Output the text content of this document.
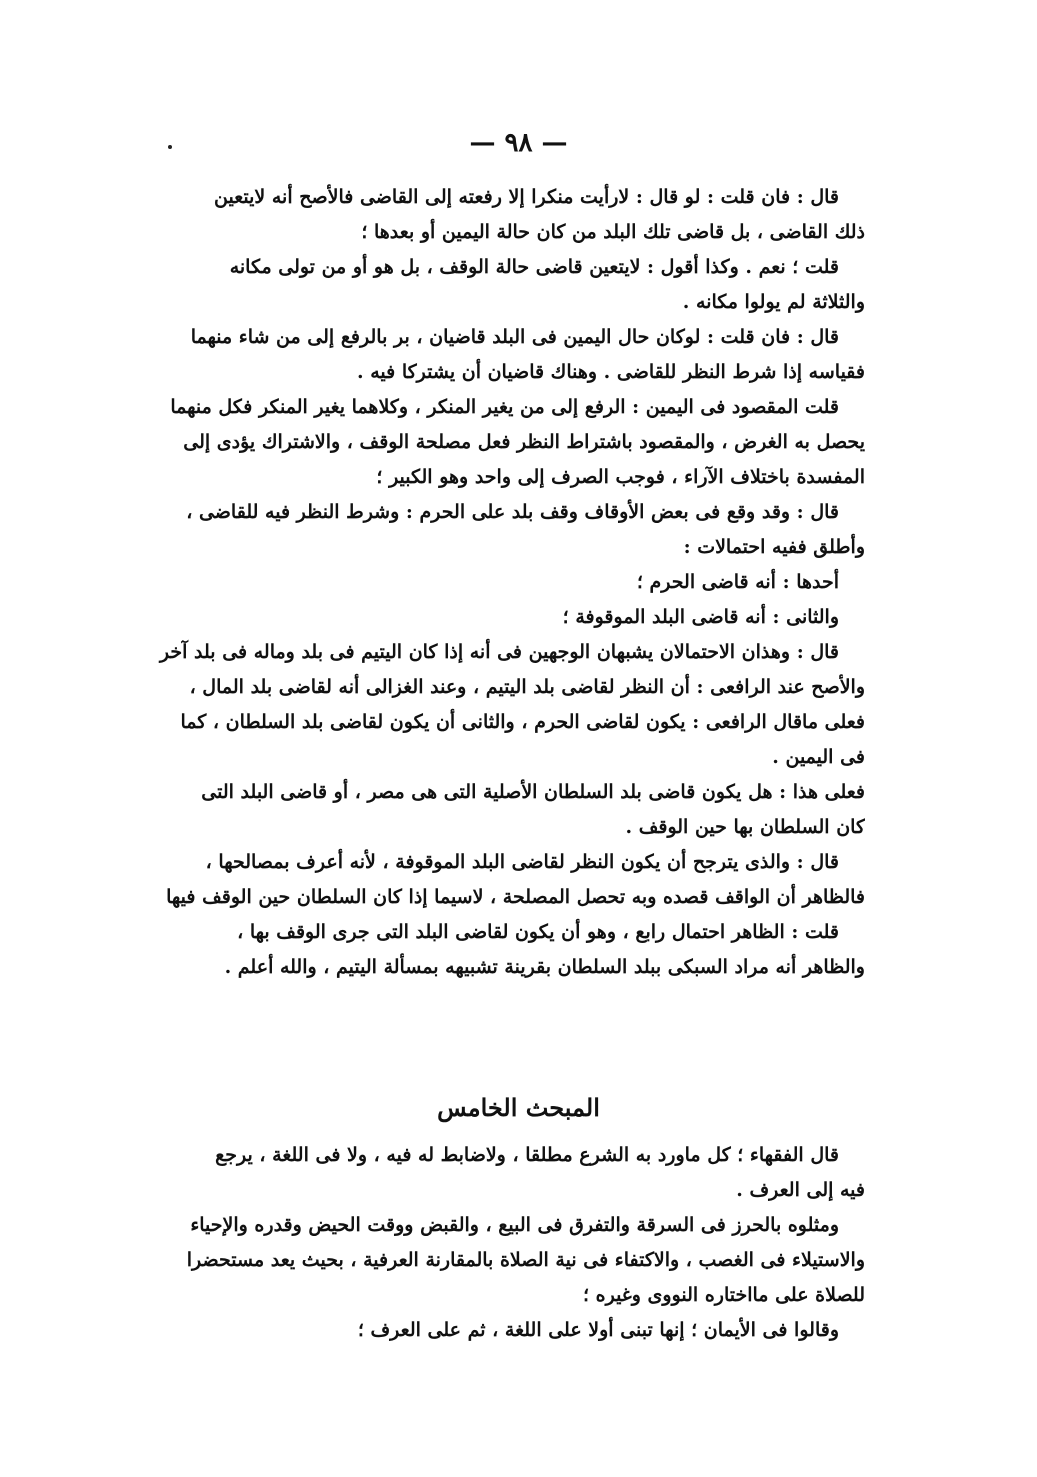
— ٩٨ —
قال : فان قلت : لو قال : لارأيت منكرا إلا رفعته إلى القاضى فالأصح أنه لايتعين
ذلك القاضى ، بل قاضى تلك البلد من كان حالة اليمين أو بعدها ؛
قلت ؛ نعم . وكذا أقول : لايتعين قاضى حالة الوقف ، بل هو أو من تولى مكانه
والثلاثة لم يولوا مكانه .
قال : فان قلت : لوكان حال اليمين فى البلد قاضيان ، بر بالرفع إلى من شاء منهما
فقياسه إذا شرط النظر للقاضى . وهناك قاضيان أن يشتركا فيه .
قلت المقصود فى اليمين : الرفع إلى من يغير المنكر ، وكلاهما يغير المنكر فكل منهما
يحصل به الغرض ، والمقصود باشتراط النظر فعل مصلحة الوقف ، والاشتراك يؤدى إلى
المفسدة باختلاف الآراء ، فوجب الصرف إلى واحد وهو الكبير ؛
قال : وقد وقع فى بعض الأوقاف وقف بلد على الحرم : وشرط النظر فيه للقاضى ،
وأطلق ففيه احتمالات :
أحدها : أنه قاضى الحرم ؛
والثانى : أنه قاضى البلد الموقوفة ؛
قال : وهذان الاحتمالان يشبهان الوجهين فى أنه إذا كان اليتيم فى بلد وماله فى بلد آخر
والأصح عند الرافعى : أن النظر لقاضى بلد اليتيم ، وعند الغزالى أنه لقاضى بلد المال ،
فعلى ماقال الرافعى : يكون لقاضى الحرم ، والثانى أن يكون لقاضى بلد السلطان ، كما
فى اليمين .
فعلى هذا : هل يكون قاضى بلد السلطان الأصلية التى هى مصر ، أو قاضى البلد التى
كان السلطان بها حين الوقف .
قال : والذى يترجح أن يكون النظر لقاضى البلد الموقوفة ، لأنه أعرف بمصالحها ،
فالظاهر أن الواقف قصده وبه تحصل المصلحة ، لاسيما إذا كان السلطان حين الوقف فيها
قلت : الظاهر احتمال رابع ، وهو أن يكون لقاضى البلد التى جرى الوقف بها ،
والظاهر أنه مراد السبكى ببلد السلطان بقرينة تشبيهه بمسألة اليتيم ، والله أعلم .
المبحث الخامس
قال الفقهاء ؛ كل ماورد به الشرع مطلقا ، ولاضابط له فيه ، ولا فى اللغة ، يرجع
فيه إلى العرف .
ومثلوه بالحرز فى السرقة والتفرق فى البيع ، والقبض ووقت الحيض وقدره والإحياء
والاستيلاء فى الغصب ، والاكتفاء فى نية الصلاة بالمقارنة العرفية ، بحيث يعد مستحضرا
للصلاة على مااختاره النووى وغيره ؛
وقالوا فى الأيمان ؛ إنها تبنى أولا على اللغة ، ثم على العرف ؛
